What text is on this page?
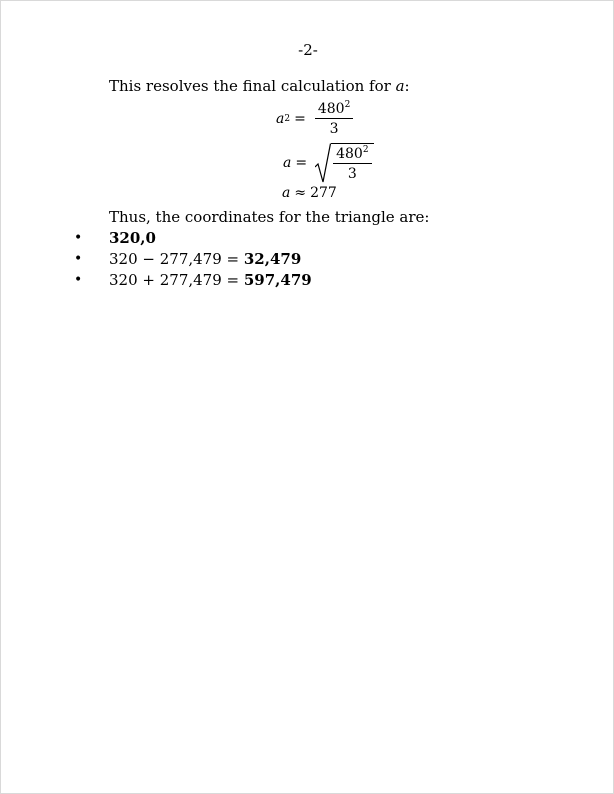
-2-
This resolves the final calculation for a:
a $2 = \frac{480^2}{3}$
$a = \frac{480^2}{3}$
a ≈ 277
Thus, the coordinates for the triangle are:
• 320,0
• 320 − 277,479 = 32,479
• 320 + 277,479 = 597,479
